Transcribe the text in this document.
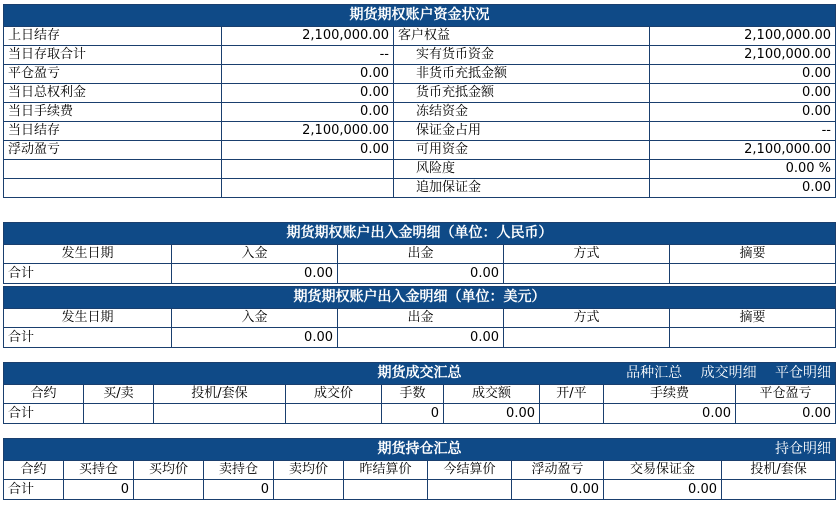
期货期权账户资金状况			
上日结存	2,100,000.00	客户权益	2,100,000.00
当日存取合计	--	实有货币资金	2,100,000.00
平仓盈亏	0.00	非货币充抵金额	0.00
当日总权利金	0.00	货币充抵金额	0.00
当日手续费	0.00	冻结资金	0.00
当日结存	2,100,000.00	保证金占用	--
浮动盈亏	0.00	可用资金	2,100,000.00
		风险度	0.00 %
		追加保证金	0.00
期货期权账户出入金明细（单位：人民币）				
发生日期	入金	出金	方式	摘要
合计	0.00	0.00		
期货期权账户出入金明细（单位：美元）				
发生日期	入金	出金	方式	摘要
合计	0.00	0.00		
期货成交汇总 品种汇总 成交明细 平仓明细								

合约	买/卖	投机/套保	成交价	手数	成交额	开/平	手续费	平仓盈亏
合计				0	0.00		0.00	0.00
期货持仓汇总 持仓明细									

合约	买持仓	买均价	卖持仓	卖均价	昨结算价	今结算价	浮动盈亏	交易保证金	投机/套保
合计	0		0				0.00	0.00	
